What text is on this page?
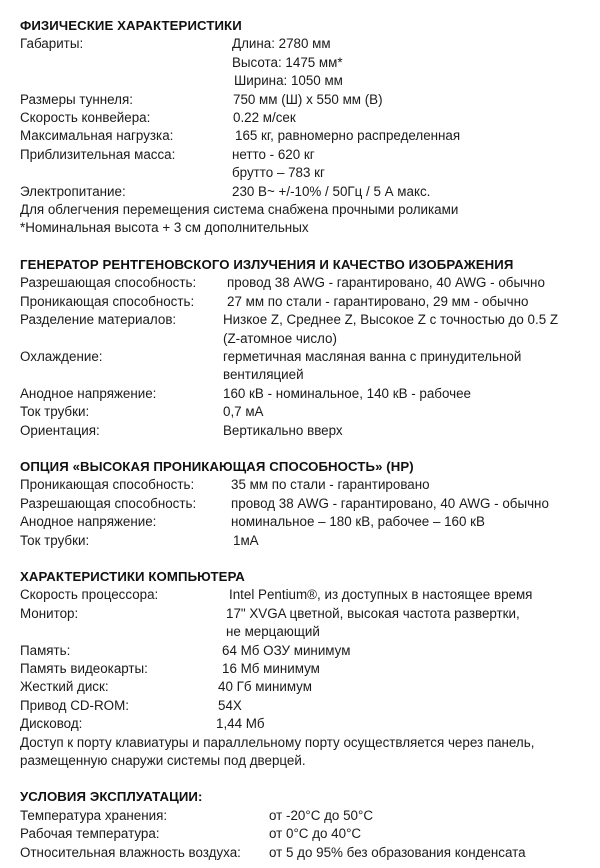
ФИЗИЧЕСКИЕ ХАРАКТЕРИСТИКИ
Габариты:	Длина: 2780 мм
Высота: 1475 мм*
Ширина: 1050 мм
Размеры туннеля:	750 мм (Ш) x 550 мм (В)
Скорость конвейера:	0.22 м/сек
Максимальная нагрузка:	165 кг, равномерно распределенная
Приблизительная масса:	нетто - 620 кг
брутто – 783 кг
Электропитание:	230 В~ +/-10% / 50Гц / 5 А макс.
Для облегчения перемещения система снабжена прочными роликами
*Номинальная высота + 3 см дополнительных
ГЕНЕРАТОР РЕНТГЕНОВСКОГО ИЗЛУЧЕНИЯ И КАЧЕСТВО ИЗОБРАЖЕНИЯ
Разрешающая способность:	провод 38 AWG - гарантировано, 40 AWG - обычно
Проникающая способность:	27 мм по стали - гарантировано, 29 мм - обычно
Разделение материалов:	Низкое Z, Среднее Z, Высокое Z с точностью до 0.5 Z
(Z-атомное число)
Охлаждение:	герметичная масляная ванна с принудительной
вентиляцией
Анодное напряжение:	160 кВ - номинальное, 140 кВ - рабочее
Ток трубки:	0,7 мА
Ориентация:	Вертикально вверх
ОПЦИЯ «ВЫСОКАЯ ПРОНИКАЮЩАЯ СПОСОБНОСТЬ» (HP)
Проникающая способность:	35 мм по стали - гарантировано
Разрешающая способность:	провод 38 AWG - гарантировано, 40 AWG - обычно
Анодное напряжение:	номинальное – 180 кВ, рабочее – 160 кВ
Ток трубки:	1мА
ХАРАКТЕРИСТИКИ КОМПЬЮТЕРА
Скорость процессора:	Intel Pentium®, из доступных в настоящее время
Монитор:	17" XVGA цветной, высокая частота развертки,
не мерцающий
Память:	64 Мб ОЗУ минимум
Память видеокарты:	16 Мб минимум
Жесткий диск:	40 Гб минимум
Привод CD-ROM:	54X
Дисковод:	1,44 Мб
Доступ к порту клавиатуры и параллельному порту осуществляется через панель,
размещенную снаружи системы под дверцей.
УСЛОВИЯ ЭКСПЛУАТАЦИИ:
Температура хранения:	от -20°С до 50°С
Рабочая температура:	от 0°С до 40°С
Относительная влажность воздуха:	от 5 до 95% без образования конденсата
